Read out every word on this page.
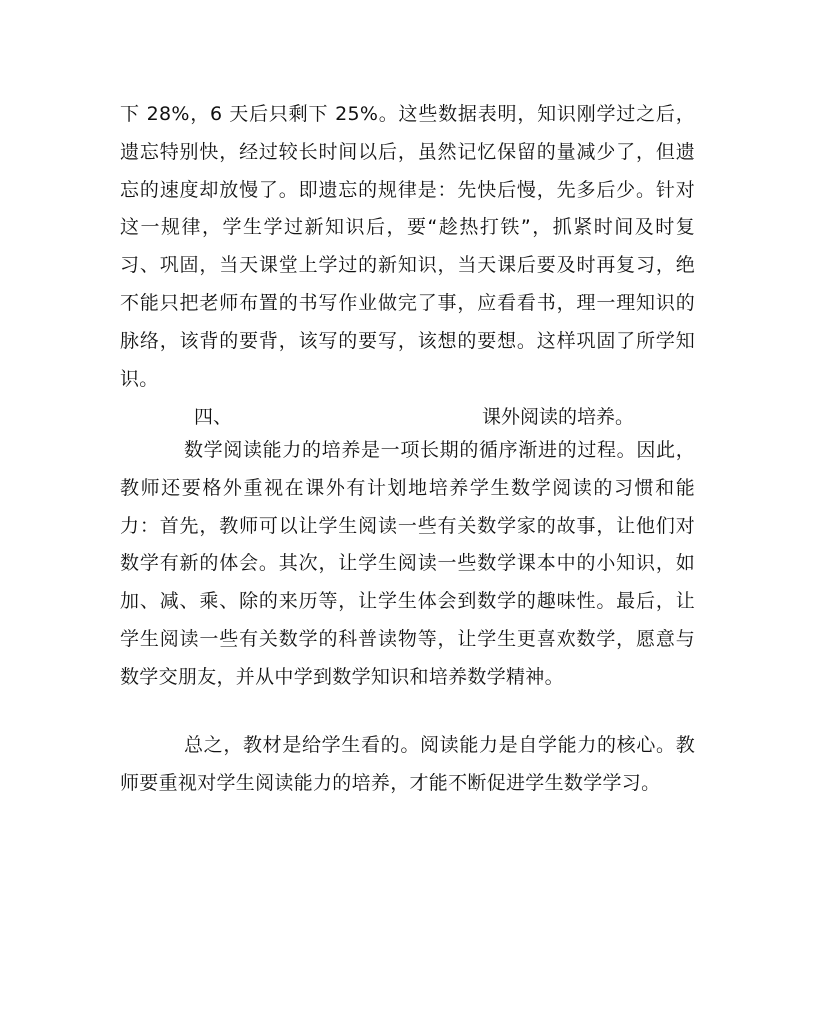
下 28%，6 天后只剩下 25%。这些数据表明，知识刚学过之后，遗忘特别快，经过较长时间以后，虽然记忆保留的量减少了，但遗忘的速度却放慢了。即遗忘的规律是：先快后慢，先多后少。针对这一规律，学生学过新知识后，要“趁热打铁”，抓紧时间及时复习、巩固，当天课堂上学过的新知识，当天课后要及时再复习，绝不能只把老师布置的书写作业做完了事，应看看书，理一理知识的脉络，该背的要背，该写的要写，该想的要想。这样巩固了所学知识。

四、	课外阅读的培养。

数学阅读能力的培养是一项长期的循序渐进的过程。因此，教师还要格外重视在课外有计划地培养学生数学阅读的习惯和能力：首先，教师可以让学生阅读一些有关数学家的故事，让他们对数学有新的体会。其次，让学生阅读一些数学课本中的小知识，如加、减、乘、除的来历等，让学生体会到数学的趣味性。最后，让学生阅读一些有关数学的科普读物等，让学生更喜欢数学，愿意与数学交朋友，并从中学到数学知识和培养数学精神。

总之，教材是给学生看的。阅读能力是自学能力的核心。教师要重视对学生阅读能力的培养，才能不断促进学生数学学习。
